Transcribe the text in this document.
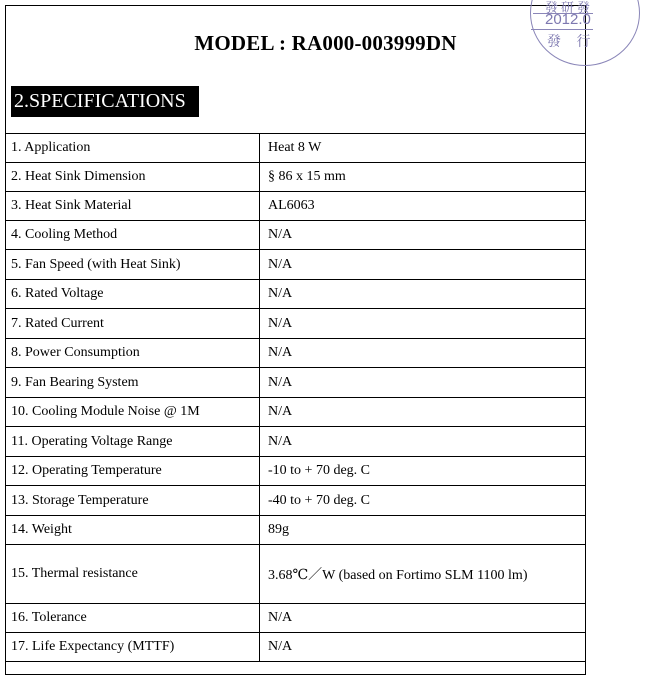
發研發
2012.0
發 行
MODEL : RA000-003999DN
2.SPECIFICATIONS
1. Application	Heat 8 W
2. Heat Sink Dimension	§ 86 x 15 mm
3. Heat Sink Material	AL6063
4. Cooling Method	N/A
5. Fan Speed (with Heat Sink)	N/A
6. Rated Voltage	N/A
7. Rated Current	N/A
8. Power Consumption	N/A
9. Fan Bearing System	N/A
10. Cooling Module Noise @ 1M	N/A
11. Operating Voltage Range	N/A
12. Operating Temperature	-10 to + 70 deg. C
13. Storage Temperature	-40 to + 70 deg. C
14. Weight	89g
15. Thermal resistance	3.68℃／W (based on Fortimo SLM 1100 lm)
16. Tolerance	N/A
17. Life Expectancy (MTTF)	N/A
